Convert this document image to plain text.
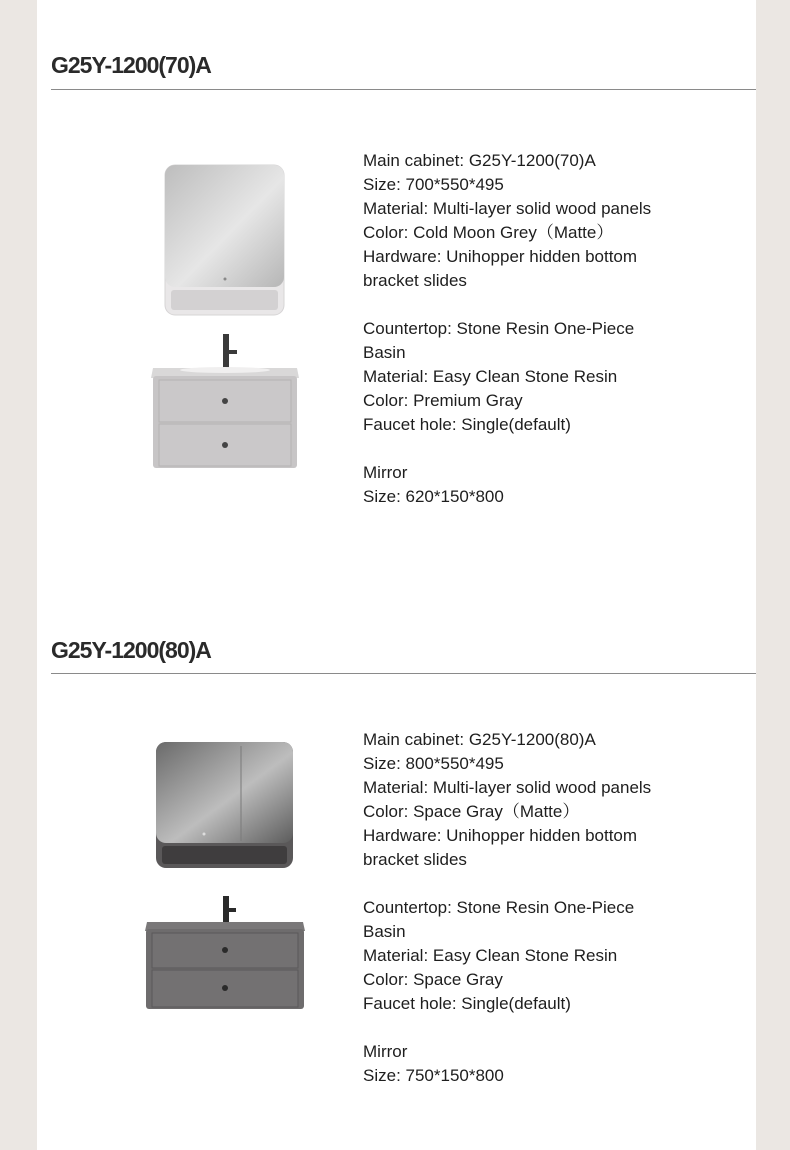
G25Y-1200(70)A
Main cabinet: G25Y-1200(70)A
Size: 700*550*495
Material: Multi-layer solid wood panels
Color: Cold Moon Grey（Matte）
Hardware: Unihopper hidden bottom
bracket slides
Countertop: Stone Resin One-Piece
Basin
Material: Easy Clean Stone Resin
Color: Premium Gray
Faucet hole: Single(default)
Mirror
Size: 620*150*800
G25Y-1200(80)A
Main cabinet: G25Y-1200(80)A
Size: 800*550*495
Material: Multi-layer solid wood panels
Color: Space Gray（Matte）
Hardware: Unihopper hidden bottom
bracket slides
Countertop: Stone Resin One-Piece
Basin
Material: Easy Clean Stone Resin
Color: Space Gray
Faucet hole: Single(default)
Mirror
Size: 750*150*800
